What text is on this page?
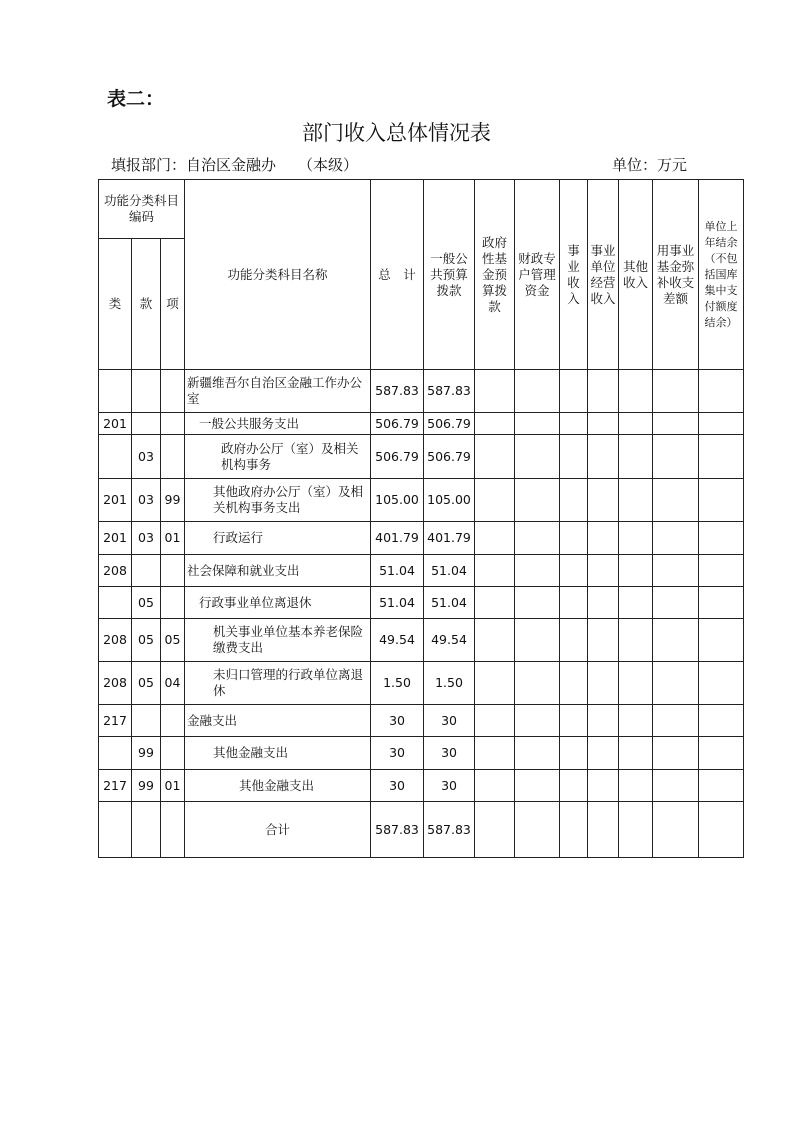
表二：
部门收入总体情况表
填报部门：自治区金融办 （本级）	单位：万元
功能分类科目编码			功能分类科目名称	总　计	一般公共预算拨款	政府性基金预算拨款	财政专户管理资金	事业收入	事业单位经营收入	其他收入	用事业基金弥补收支差额	单位上年结余（不包括国库集中支付额度结余）
类	款	项										
			新疆维吾尔自治区金融工作办公室	587.83	587.83							
201			一般公共服务支出	506.79	506.79							
	03		政府办公厅（室）及相关机构事务	506.79	506.79							
201	03	99	其他政府办公厅（室）及相关机构事务支出	105.00	105.00							
201	03	01	行政运行	401.79	401.79							
208			社会保障和就业支出	51.04	51.04							
	05		行政事业单位离退休	51.04	51.04							
208	05	05	机关事业单位基本养老保险缴费支出	49.54	49.54							
208	05	04	未归口管理的行政单位离退休	1.50	1.50							
217			金融支出	30	30							
	99		其他金融支出	30	30							
217	99	01	其他金融支出	30	30							
			合计	587.83	587.83							
